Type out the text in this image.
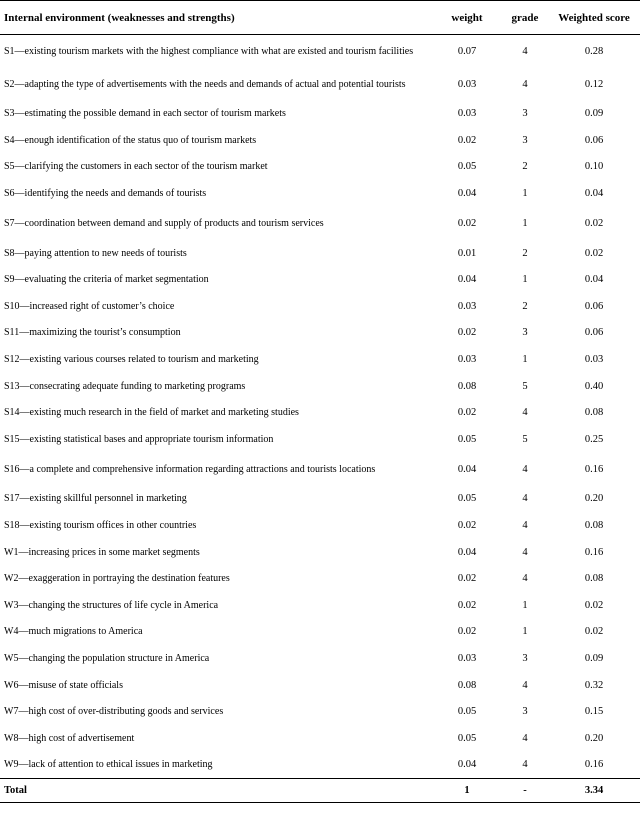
Internal environment (weaknesses and strengths)	weight	grade	Weighted score
S1—existing tourism markets with the highest compliance with what are existed and tourism facilities	0.07	4	0.28
S2—adapting the type of advertisements with the needs and demands of actual and potential tourists	0.03	4	0.12
S3—estimating the possible demand in each sector of tourism markets	0.03	3	0.09
S4—enough identification of the status quo of tourism markets	0.02	3	0.06
S5—clarifying the customers in each sector of the tourism market	0.05	2	0.10
S6—identifying the needs and demands of tourists	0.04	1	0.04
S7—coordination between demand and supply of products and tourism services	0.02	1	0.02
S8—paying attention to new needs of tourists	0.01	2	0.02
S9—evaluating the criteria of market segmentation	0.04	1	0.04
S10—increased right of customer’s choice	0.03	2	0.06
S11—maximizing the tourist’s consumption	0.02	3	0.06
S12—existing various courses related to tourism and marketing	0.03	1	0.03
S13—consecrating adequate funding to marketing programs	0.08	5	0.40
S14—existing much research in the field of market and marketing studies	0.02	4	0.08
S15—existing statistical bases and appropriate tourism information	0.05	5	0.25
S16—a complete and comprehensive information regarding attractions and tourists locations	0.04	4	0.16
S17—existing skillful personnel in marketing	0.05	4	0.20
S18—existing tourism offices in other countries	0.02	4	0.08
W1—increasing prices in some market segments	0.04	4	0.16
W2—exaggeration in portraying the destination features	0.02	4	0.08
W3—changing the structures of life cycle in America	0.02	1	0.02
W4—much migrations to America	0.02	1	0.02
W5—changing the population structure in America	0.03	3	0.09
W6—misuse of state officials	0.08	4	0.32
W7—high cost of over-distributing goods and services	0.05	3	0.15
W8—high cost of advertisement	0.05	4	0.20
W9—lack of attention to ethical issues in marketing	0.04	4	0.16
Total	1	-	3.34
